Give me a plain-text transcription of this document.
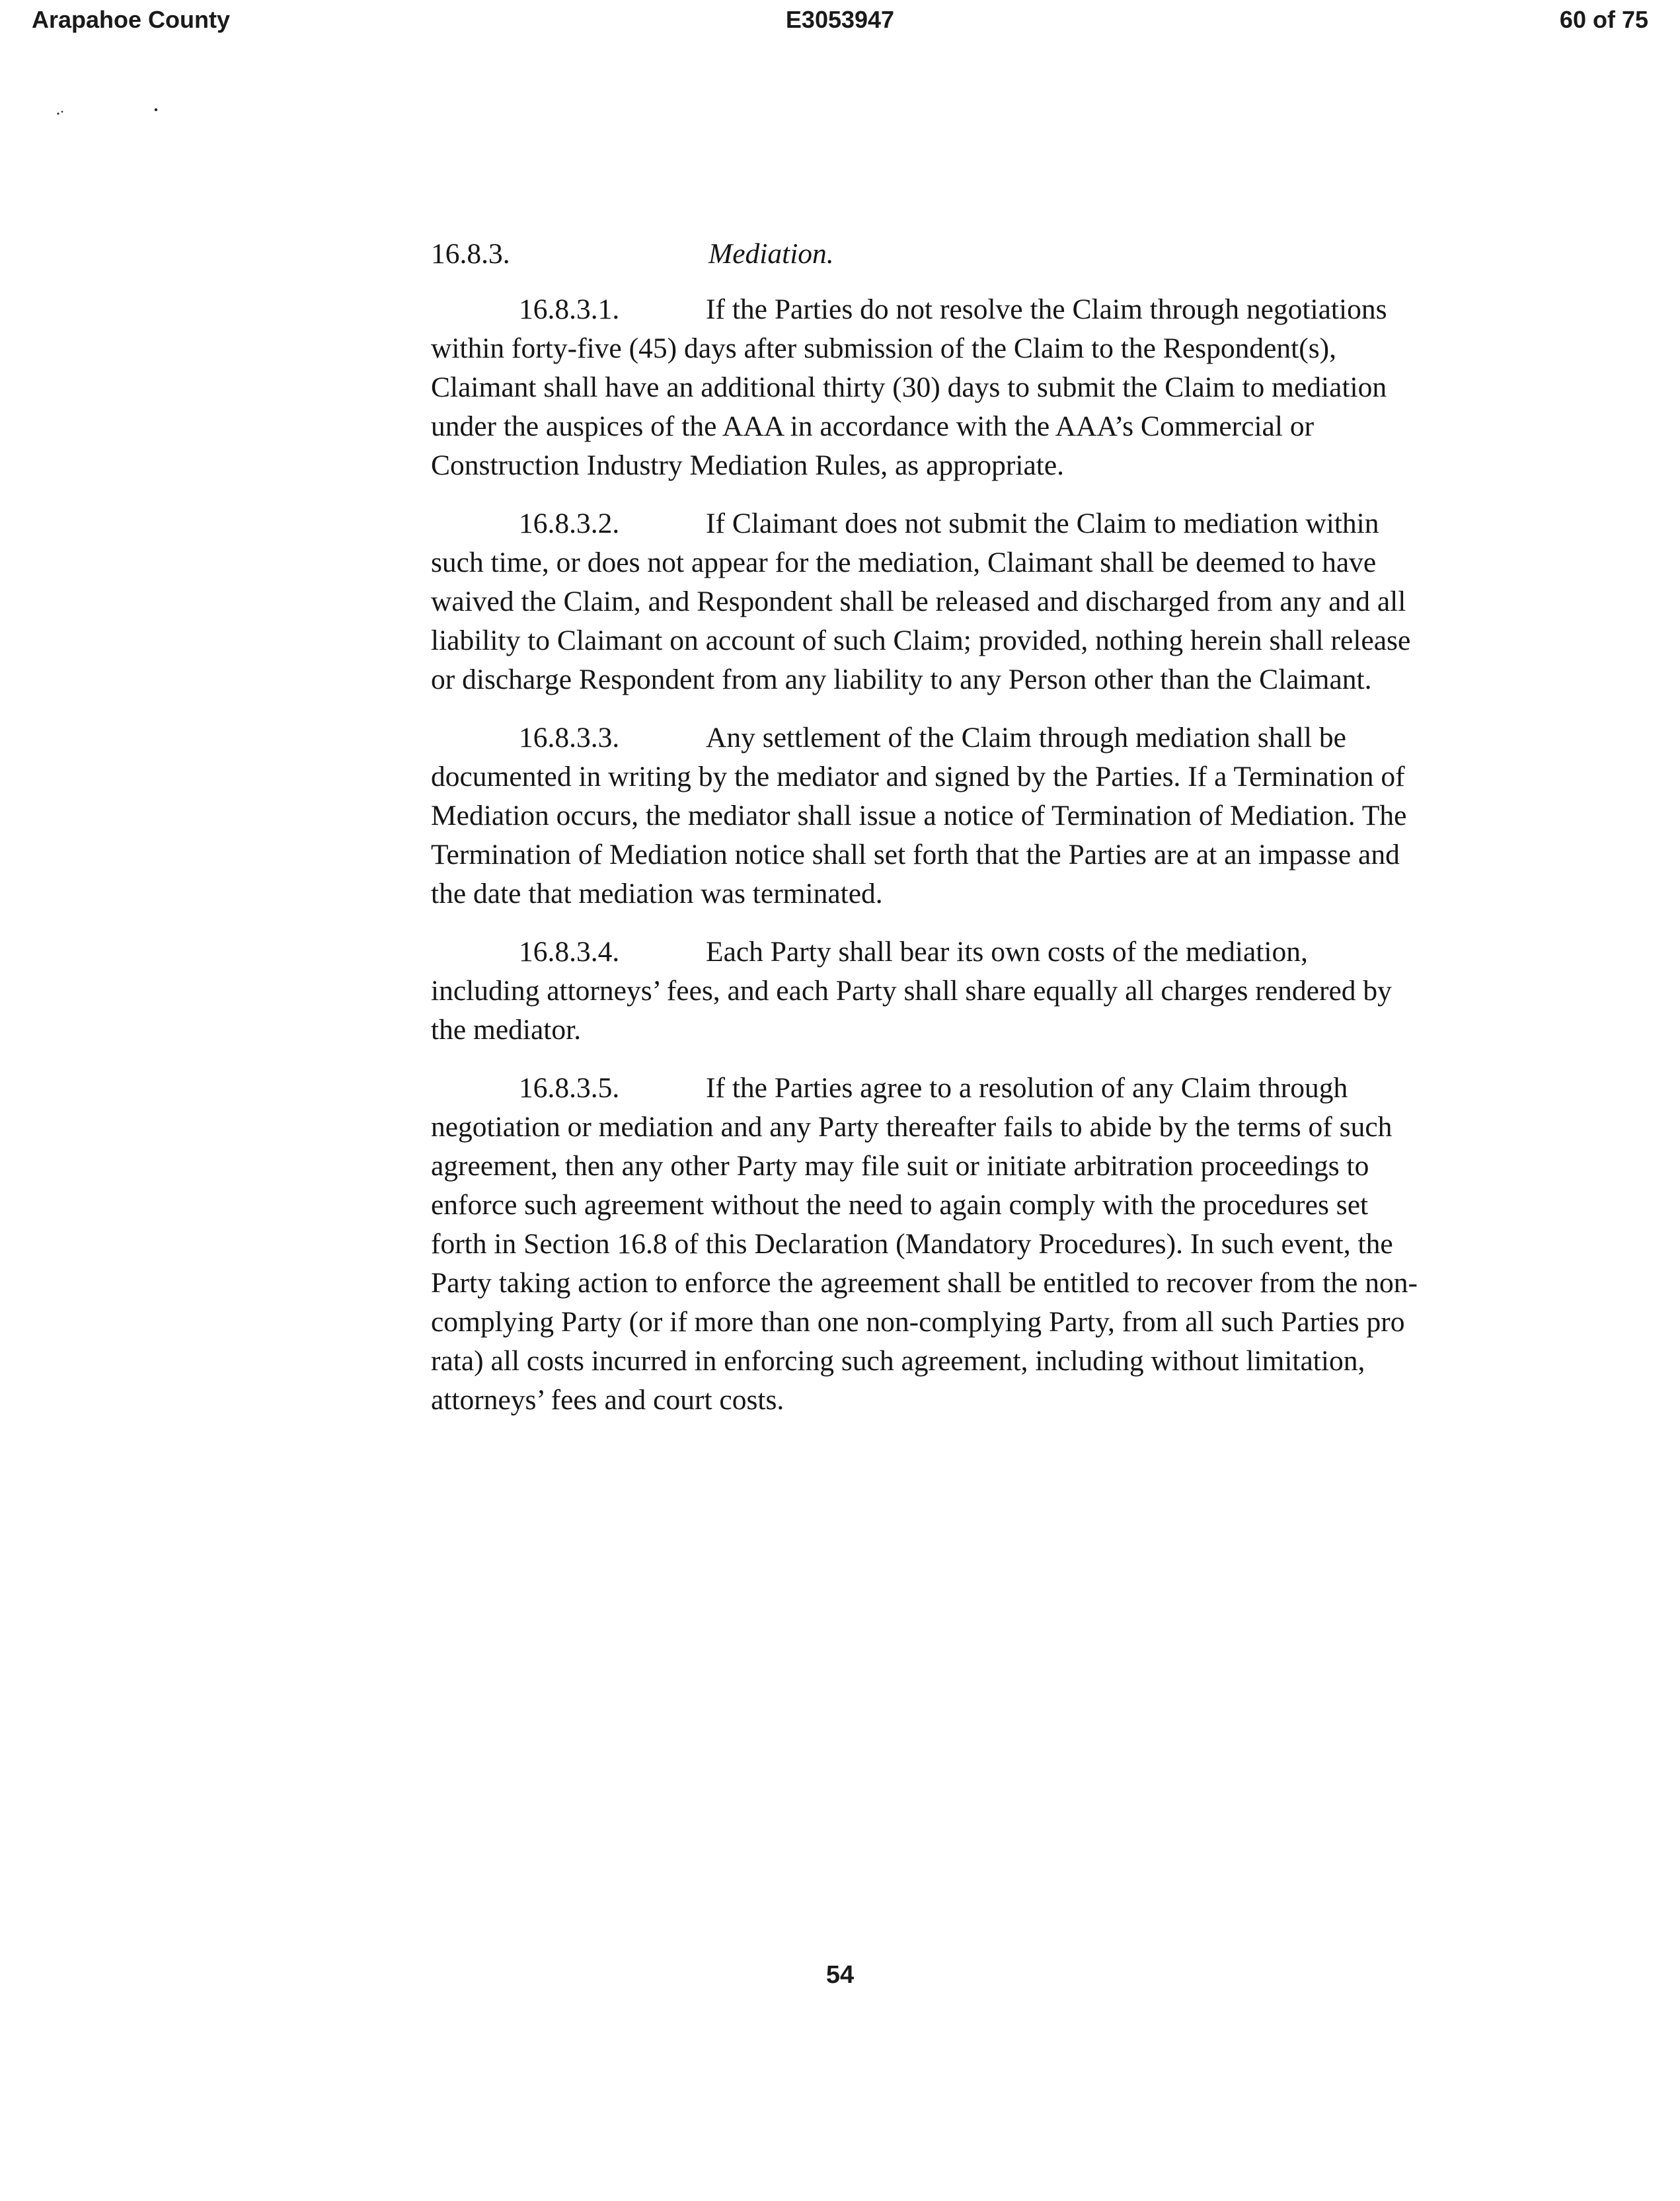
Arapahoe County	E3053947	60 of 75
16.8.3.	Mediation.

16.8.3.1.	If the Parties do not resolve the Claim through negotiations within forty-five (45) days after submission of the Claim to the Respondent(s), Claimant shall have an additional thirty (30) days to submit the Claim to mediation under the auspices of the AAA in accordance with the AAA’s Commercial or Construction Industry Mediation Rules, as appropriate.

16.8.3.2.	If Claimant does not submit the Claim to mediation within such time, or does not appear for the mediation, Claimant shall be deemed to have waived the Claim, and Respondent shall be released and discharged from any and all liability to Claimant on account of such Claim; provided, nothing herein shall release or discharge Respondent from any liability to any Person other than the Claimant.

16.8.3.3.	Any settlement of the Claim through mediation shall be documented in writing by the mediator and signed by the Parties. If a Termination of Mediation occurs, the mediator shall issue a notice of Termination of Mediation. The Termination of Mediation notice shall set forth that the Parties are at an impasse and the date that mediation was terminated.

16.8.3.4.	Each Party shall bear its own costs of the mediation, including attorneys’ fees, and each Party shall share equally all charges rendered by the mediator.

16.8.3.5.	If the Parties agree to a resolution of any Claim through negotiation or mediation and any Party thereafter fails to abide by the terms of such agreement, then any other Party may file suit or initiate arbitration proceedings to enforce such agreement without the need to again comply with the procedures set forth in Section 16.8 of this Declaration (Mandatory Procedures). In such event, the Party taking action to enforce the agreement shall be entitled to recover from the non-complying Party (or if more than one non-complying Party, from all such Parties pro rata) all costs incurred in enforcing such agreement, including without limitation, attorneys’ fees and court costs.

54
